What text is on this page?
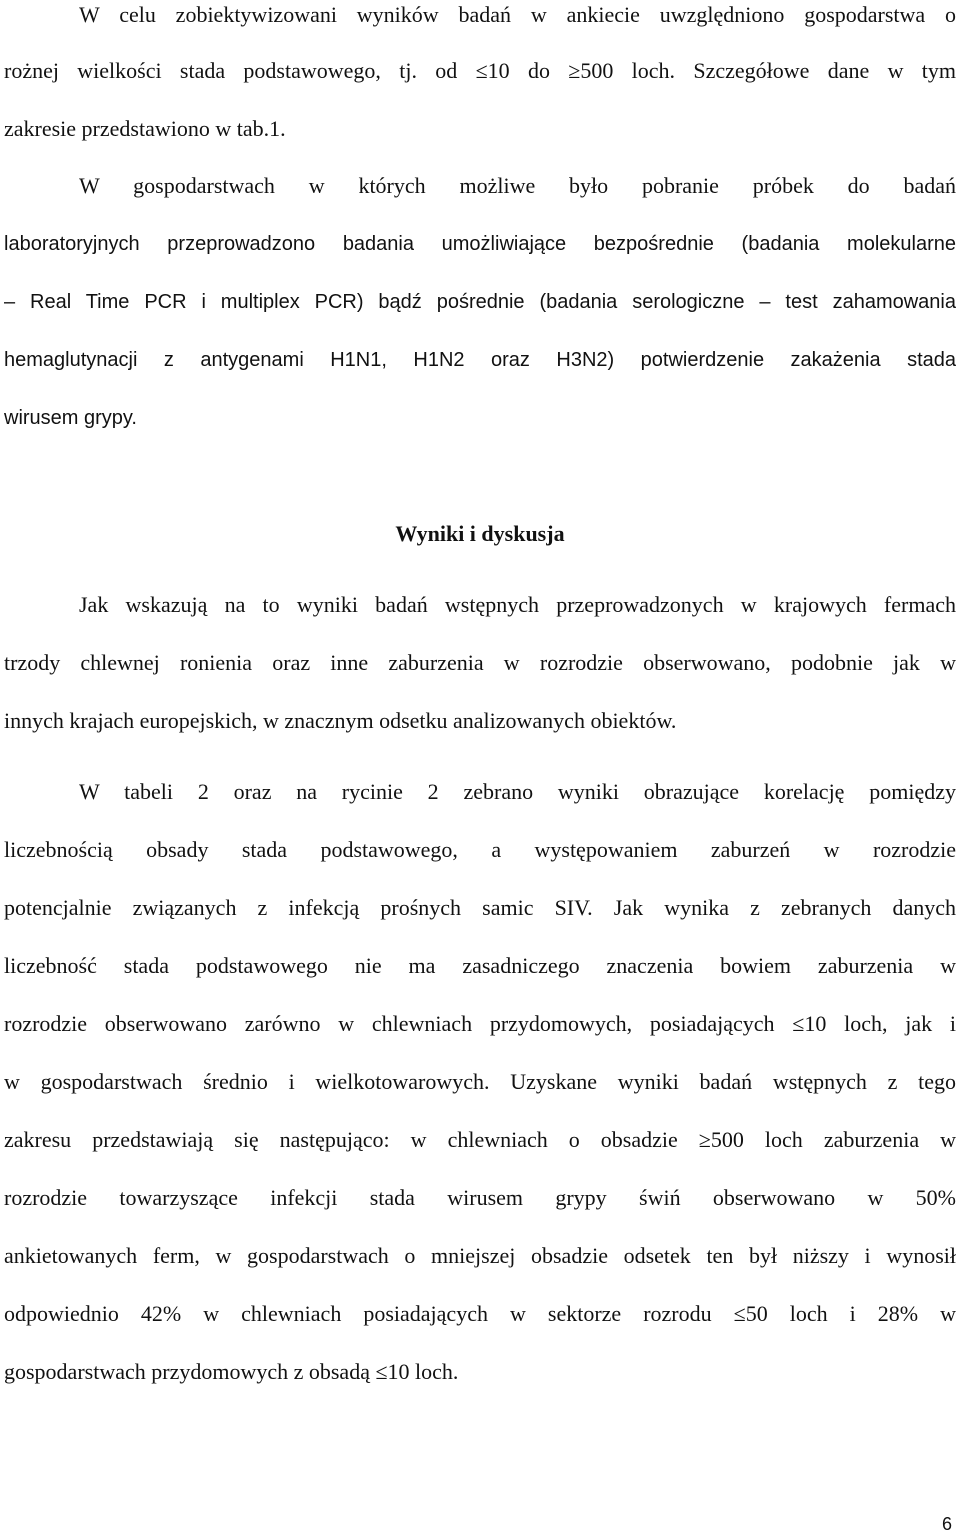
W celu zobiektywizowani wyników badań w ankiecie uwzględniono gospodarstwa o
rożnej wielkości stada podstawowego, tj. od ≤10 do ≥500 loch. Szczegółowe dane w tym
zakresie przedstawiono w tab.1.
W gospodarstwach w których możliwe było pobranie próbek do badań
laboratoryjnych przeprowadzono badania umożliwiające bezpośrednie (badania molekularne
– Real Time PCR i multiplex PCR) bądź pośrednie (badania serologiczne – test zahamowania
hemaglutynacji z antygenami H1N1, H1N2 oraz H3N2) potwierdzenie zakażenia stada
wirusem grypy.
Wyniki i dyskusja
Jak wskazują na to wyniki badań wstępnych przeprowadzonych w krajowych fermach
trzody chlewnej ronienia oraz inne zaburzenia w rozrodzie obserwowano, podobnie jak w
innych krajach europejskich, w znacznym odsetku analizowanych obiektów.
W tabeli 2 oraz na rycinie 2 zebrano wyniki obrazujące korelację pomiędzy
liczebnością obsady stada podstawowego, a występowaniem zaburzeń w rozrodzie
potencjalnie związanych z infekcją prośnych samic SIV. Jak wynika z zebranych danych
liczebność stada podstawowego nie ma zasadniczego znaczenia bowiem zaburzenia w
rozrodzie obserwowano zarówno w chlewniach przydomowych, posiadających ≤10 loch, jak i
w gospodarstwach średnio i wielkotowarowych. Uzyskane wyniki badań wstępnych z tego
zakresu przedstawiają się następująco: w chlewniach o obsadzie ≥500 loch zaburzenia w
rozrodzie towarzyszące infekcji stada wirusem grypy świń obserwowano w 50%
ankietowanych ferm, w gospodarstwach o mniejszej obsadzie odsetek ten był niższy i wynosił
odpowiednio 42% w chlewniach posiadających w sektorze rozrodu ≤50 loch i 28% w
gospodarstwach przydomowych z obsadą ≤10 loch.
6
